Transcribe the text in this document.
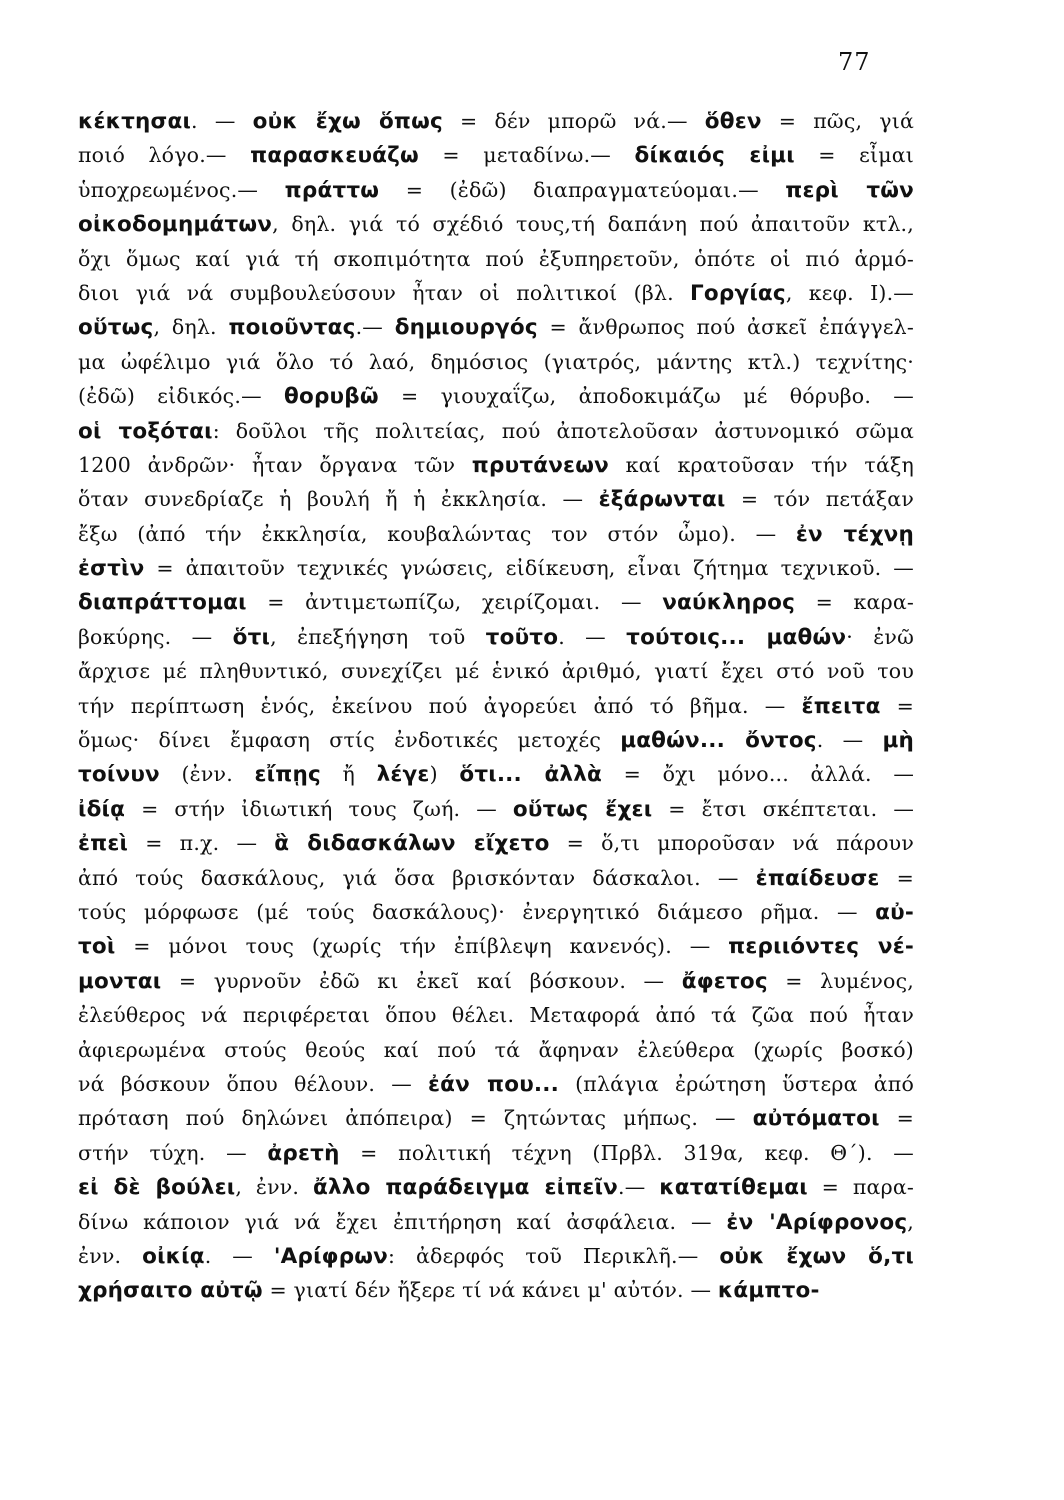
77
κέκτησαι. — οὐκ ἔχω ὅπως = δέν μπορῶ νά.— ὅθεν = πῶς, γιά
ποιό λόγο.— παρασκευάζω = μεταδίνω.— δίκαιός εἰμι = εἶμαι
ὑποχρεωμένος.— πράττω = (ἐδῶ) διαπραγματεύομαι.— περὶ τῶν
οἰκοδομημάτων, δηλ. γιά τό σχέδιό τους,τή δαπάνη πού ἀπαιτοῦν κτλ.,
ὄχι ὅμως καί γιά τή σκοπιμότητα πού ἐξυπηρετοῦν, ὁπότε οἱ πιό ἁρμό-
διοι γιά νά συμβουλεύσουν ἦταν οἱ πολιτικοί (βλ. Γοργίας, κεφ. Ι).—
οὕτως, δηλ. ποιοῦντας.— δημιουργός = ἄνθρωπος πού ἀσκεῖ ἐπάγγελ-
μα ὠφέλιμο γιά ὅλο τό λαό, δημόσιος (γιατρός, μάντης κτλ.) τεχνίτης·
(ἐδῶ) εἰδικός.— θορυβῶ = γιουχαΐζω, ἀποδοκιμάζω μέ θόρυβο. —
οἱ τοξόται: δοῦλοι τῆς πολιτείας, πού ἀποτελοῦσαν ἀστυνομικό σῶμα
1200 ἀνδρῶν· ἦταν ὄργανα τῶν πρυτάνεων καί κρατοῦσαν τήν τάξη
ὅταν συνεδρίαζε ἡ βουλή ἤ ἡ ἐκκλησία. — ἐξάρωνται = τόν πετάξαν
ἔξω (ἀπό τήν ἐκκλησία, κουβαλώντας τον στόν ὦμο). — ἐν τέχνῃ
ἐστὶν = ἀπαιτοῦν τεχνικές γνώσεις, εἰδίκευση, εἶναι ζήτημα τεχνικοῦ. —
διαπράττομαι = ἀντιμετωπίζω, χειρίζομαι. — ναύκληρος = καρα-
βοκύρης. — ὅτι, ἐπεξήγηση τοῦ τοῦτο. — τούτοις... μαθών· ἐνῶ
ἄρχισε μέ πληθυντικό, συνεχίζει μέ ἑνικό ἀριθμό, γιατί ἔχει στό νοῦ του
τήν περίπτωση ἑνός, ἐκείνου πού ἀγορεύει ἀπό τό βῆμα. — ἔπειτα =
ὅμως· δίνει ἔμφαση στίς ἐνδοτικές μετοχές μαθών... ὄντος. — μὴ
τοίνυν (ἐνν. εἴπῃς ἤ λέγε) ὅτι... ἀλλὰ = ὄχι μόνο... ἀλλά. —
ἰδίᾳ = στήν ἰδιωτική τους ζωή. — οὕτως ἔχει = ἔτσι σκέπτεται. —
ἐπεὶ = π.χ. — ἃ διδασκάλων εἴχετο = ὅ,τι μποροῦσαν νά πάρουν
ἀπό τούς δασκάλους, γιά ὅσα βρισκόνταν δάσκαλοι. — ἐπαίδευσε =
τούς μόρφωσε (μέ τούς δασκάλους)· ἐνεργητικό διάμεσο ρῆμα. — αὐ-
τοὶ = μόνοι τους (χωρίς τήν ἐπίβλεψη κανενός). — περιιόντες νέ-
μονται = γυρνοῦν ἐδῶ κι ἐκεῖ καί βόσκουν. — ἄφετος = λυμένος,
ἐλεύθερος νά περιφέρεται ὅπου θέλει. Μεταφορά ἀπό τά ζῶα πού ἦταν
ἀφιερωμένα στούς θεούς καί πού τά ἄφηναν ἐλεύθερα (χωρίς βοσκό)
νά βόσκουν ὅπου θέλουν. — ἐάν που... (πλάγια ἐρώτηση ὕστερα ἀπό
πρόταση πού δηλώνει ἀπόπειρα) = ζητώντας μήπως. — αὐτόματοι =
στήν τύχη. — ἀρετὴ = πολιτική τέχνη (Πρβλ. 319α, κεφ. Θ΄). —
εἰ δὲ βούλει, ἐνν. ἄλλο παράδειγμα εἰπεῖν.— κατατίθεμαι = παρα-
δίνω κάποιον γιά νά ἔχει ἐπιτήρηση καί ἀσφάλεια. — ἐν 'Αρίφρονος,
ἐνν. οἰκίᾳ. — 'Αρίφρων: ἀδερφός τοῦ Περικλῆ.— οὐκ ἔχων ὅ,τι
χρήσαιτο αὐτῷ = γιατί δέν ἤξερε τί νά κάνει μ' αὐτόν. — κάμπτο-
